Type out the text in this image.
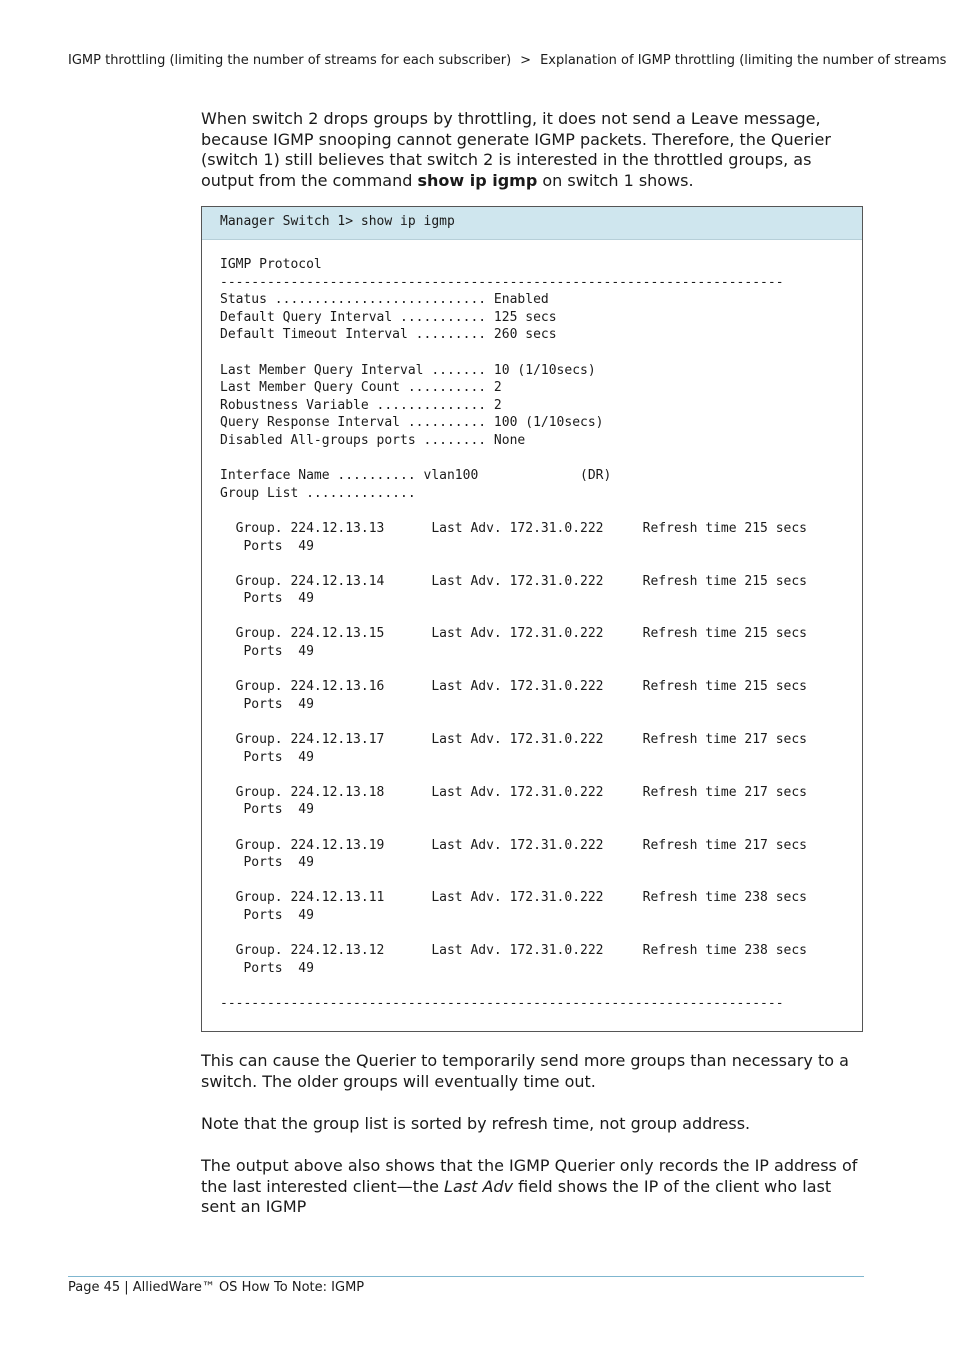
IGMP throttling (limiting the number of streams for each subscriber) > Explanation of IGMP throttling (limiting the number of streams

When switch 2 drops groups by throttling, it does not send a Leave message, because IGMP snooping cannot generate IGMP packets. Therefore, the Querier (switch 1) still believes that switch 2 is interested in the throttled groups, as output from the command show ip igmp on switch 1 shows.

Manager Switch 1> show ip igmp
IGMP Protocol
------------------------------------------------------------------------
Status ........................... Enabled
Default Query Interval ........... 125 secs
Default Timeout Interval ......... 260 secs

Last Member Query Interval ....... 10 (1/10secs)
Last Member Query Count .......... 2
Robustness Variable .............. 2
Query Response Interval .......... 100 (1/10secs)
Disabled All-groups ports ........ None

Interface Name .......... vlan100             (DR)
Group List ..............

Group. 224.12.13.13      Last Adv. 172.31.0.222     Refresh time 215 secs
Ports  49

Group. 224.12.13.14      Last Adv. 172.31.0.222     Refresh time 215 secs
Ports  49

Group. 224.12.13.15      Last Adv. 172.31.0.222     Refresh time 215 secs
Ports  49

Group. 224.12.13.16      Last Adv. 172.31.0.222     Refresh time 215 secs
Ports  49

Group. 224.12.13.17      Last Adv. 172.31.0.222     Refresh time 217 secs
Ports  49

Group. 224.12.13.18      Last Adv. 172.31.0.222     Refresh time 217 secs
Ports  49

Group. 224.12.13.19      Last Adv. 172.31.0.222     Refresh time 217 secs
Ports  49

Group. 224.12.13.11      Last Adv. 172.31.0.222     Refresh time 238 secs
Ports  49

Group. 224.12.13.12      Last Adv. 172.31.0.222     Refresh time 238 secs
Ports  49

------------------------------------------------------------------------

This can cause the Querier to temporarily send more groups than necessary to a switch. The older groups will eventually time out.

Note that the group list is sorted by refresh time, not group address.

The output above also shows that the IGMP Querier only records the IP address of the last interested client—the Last Adv field shows the IP of the client who last sent an IGMP

Page 45 | AlliedWare™ OS How To Note: IGMP
